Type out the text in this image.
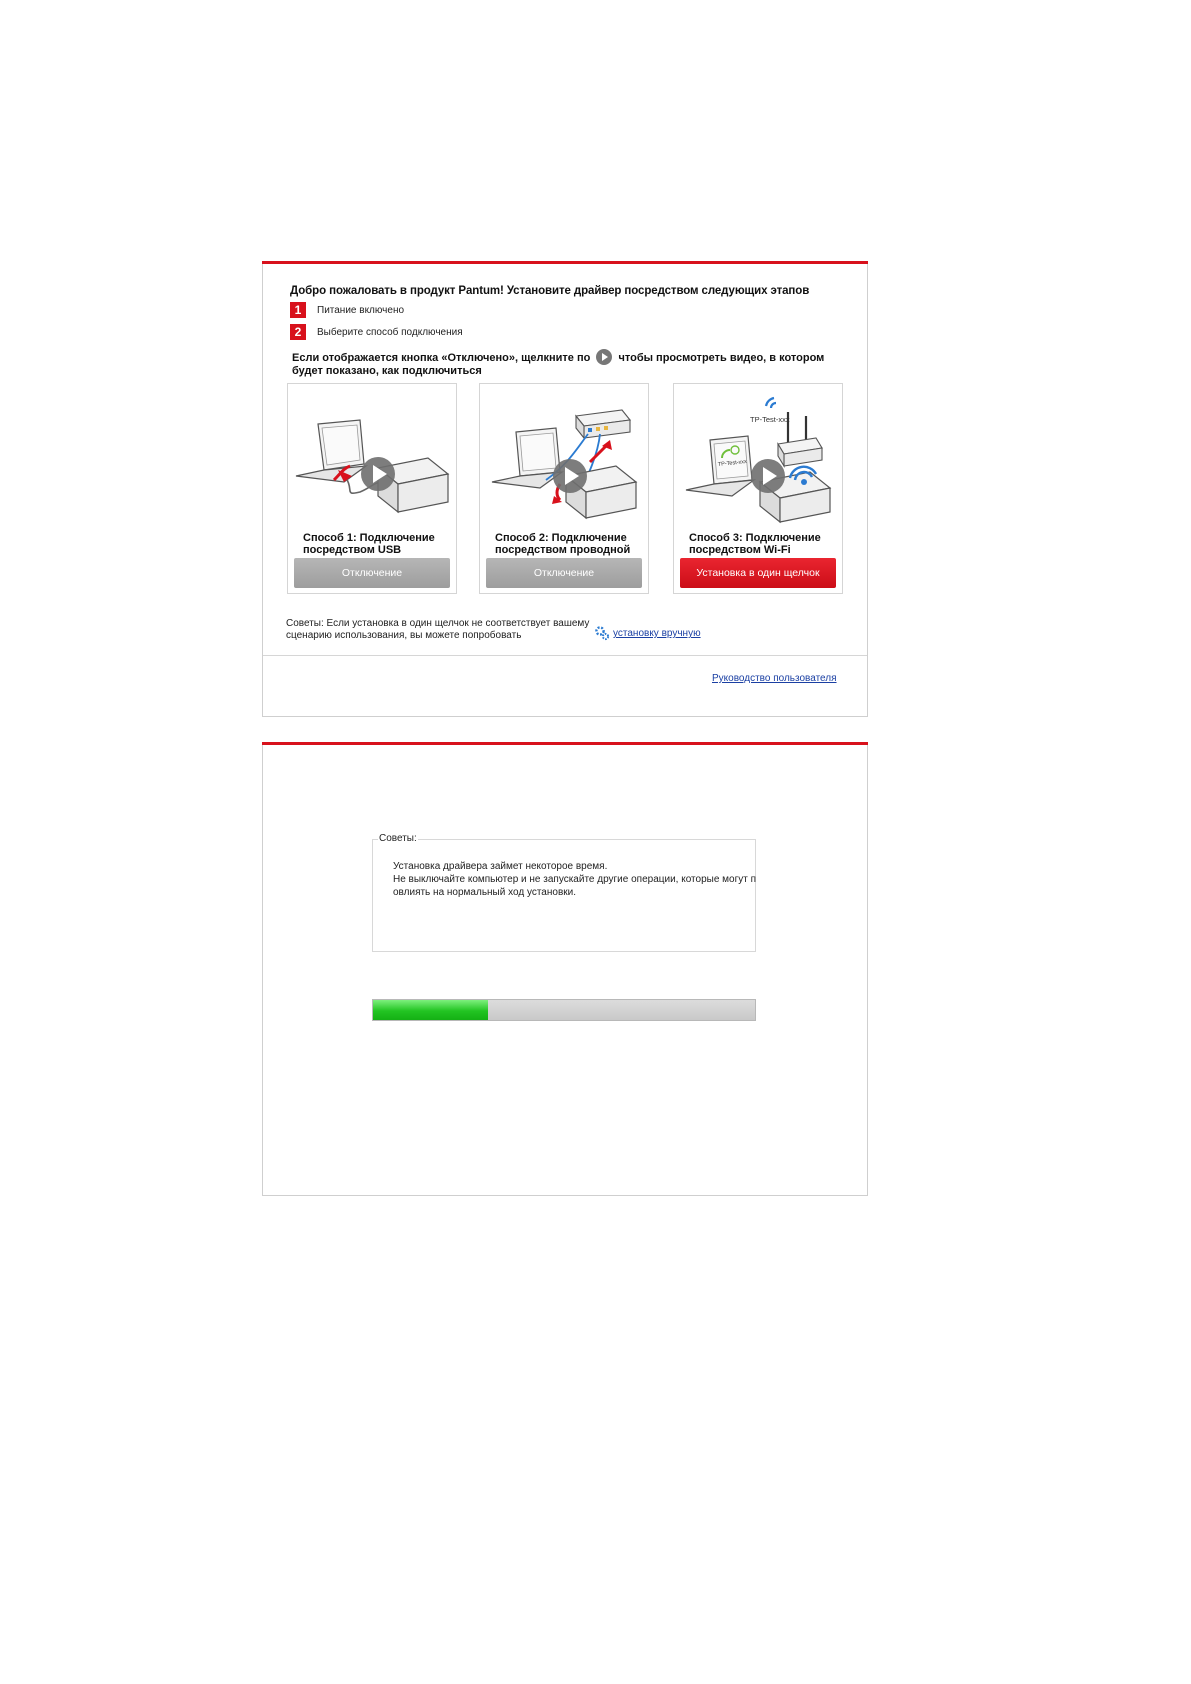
Добро пожаловать в продукт Pantum! Установите драйвер посредством следующих этапов
1	Питание включено
2	Выберите способ подключения
Если отображается кнопка «Отключено», щелкните по	чтобы просмотреть видео, в котором будет показано, как подключиться
Способ 1: Подключение посредством USB
Отключение
Способ 2: Подключение посредством проводной
Отключение
TP-Test-xxx
TP-Test-xxx
Способ 3: Подключение посредством Wi-Fi
Установка в один щелчок
Советы: Если установка в один щелчок не соответствует вашему сценарию использования, вы можете попробовать	установку вручную
Руководство пользователя
Советы:
Установка драйвера займет некоторое время.
Не выключайте компьютер и не запускайте другие операции, которые могут п
овлиять на нормальный ход установки.
